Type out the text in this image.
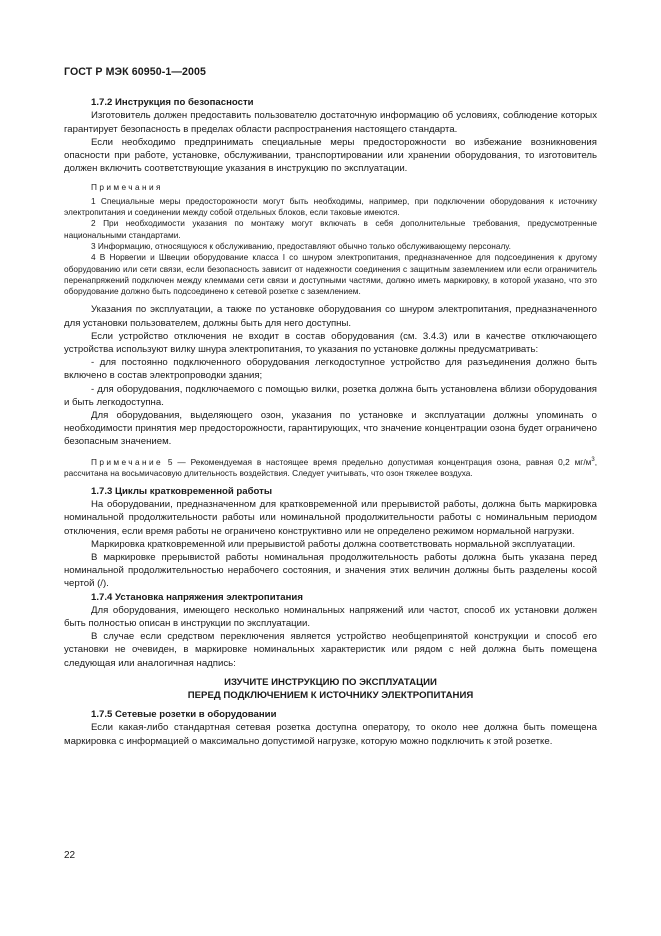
ГОСТ Р МЭК 60950-1—2005
1.7.2 Инструкция по безопасности

Изготовитель должен предоставить пользователю достаточную информацию об условиях, соблюдение которых гарантирует безопасность в пределах области распространения настоящего стандарта.

Если необходимо предпринимать специальные меры предосторожности во избежание возникновения опасности при работе, установке, обслуживании, транспортировании или хранении оборудования, то изготовитель должен включить соответствующие указания в инструкцию по эксплуатации.

Примечания

1 Специальные меры предосторожности могут быть необходимы, например, при подключении оборудования к источнику электропитания и соединении между собой отдельных блоков, если таковые имеются.

2 При необходимости указания по монтажу могут включать в себя дополнительные требования, предусмотренные национальными стандартами.

3 Информацию, относящуюся к обслуживанию, предоставляют обычно только обслуживающему персоналу.

4 В Норвегии и Швеции оборудование класса I со шнуром электропитания, предназначенное для подсоединения к другому оборудованию или сети связи, если безопасность зависит от надежности соединения с защитным заземлением или если ограничитель перенапряжений подключен между клеммами сети связи и доступными частями, должно иметь маркировку, в которой указано, что это оборудование должно быть подсоединено к сетевой розетке с заземлением.

Указания по эксплуатации, а также по установке оборудования со шнуром электропитания, предназначенного для установки пользователем, должны быть для него доступны.

Если устройство отключения не входит в состав оборудования (см. 3.4.3) или в качестве отключающего устройства используют вилку шнура электропитания, то указания по установке должны предусматривать:

- для постоянно подключенного оборудования легкодоступное устройство для разъединения должно быть включено в состав электропроводки здания;

- для оборудования, подключаемого с помощью вилки, розетка должна быть установлена вблизи оборудования и быть легкодоступна.

Для оборудования, выделяющего озон, указания по установке и эксплуатации должны упоминать о необходимости принятия мер предосторожности, гарантирующих, что значение концентрации озона будет ограничено безопасным значением.

Примечание 5 — Рекомендуемая в настоящее время предельно допустимая концентрация озона, равная 0,2 $мг/м^3$, рассчитана на восьмичасовую длительность воздействия. Следует учитывать, что озон тяжелее воздуха.

1.7.3 Циклы кратковременной работы

На оборудовании, предназначенном для кратковременной или прерывистой работы, должна быть маркировка номинальной продолжительности работы или номинальной продолжительности работы с номинальным периодом отключения, если время работы не ограничено конструктивно или не определено режимом нормальной нагрузки.

Маркировка кратковременной или прерывистой работы должна соответствовать нормальной эксплуатации.

В маркировке прерывистой работы номинальная продолжительность работы должна быть указана перед номинальной продолжительностью нерабочего состояния, и значения этих величин должны быть разделены косой чертой (/).

1.7.4 Установка напряжения электропитания

Для оборудования, имеющего несколько номинальных напряжений или частот, способ их установки должен быть полностью описан в инструкции по эксплуатации.

В случае если средством переключения является устройство необщепринятой конструкции и способ его установки не очевиден, в маркировке номинальных характеристик или рядом с ней должна быть помещена следующая или аналогичная надпись:

ИЗУЧИТЕ ИНСТРУКЦИЮ ПО ЭКСПЛУАТАЦИИ
ПЕРЕД ПОДКЛЮЧЕНИЕМ К ИСТОЧНИКУ ЭЛЕКТРОПИТАНИЯ
1.7.5 Сетевые розетки в оборудовании

Если какая-либо стандартная сетевая розетка доступна оператору, то около нее должна быть помещена маркировка с информацией о максимально допустимой нагрузке, которую можно подключить к этой розетке.

22
